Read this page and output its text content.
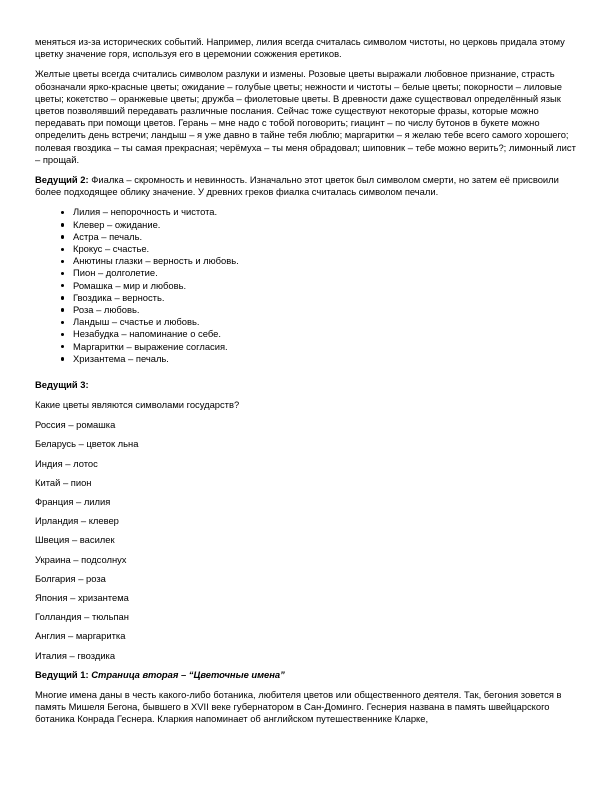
меняться из-за исторических событий. Например, лилия всегда считалась символом чистоты, но церковь придала этому цветку значение горя, используя его в церемонии сожжения еретиков.

Желтые цветы всегда считались символом разлуки и измены. Розовые цветы выражали любовное признание, страсть обозначали ярко-красные цветы; ожидание – голубые цветы; нежности и чистоты – белые цветы; покорности – лиловые цветы; кокетство – оранжевые цветы; дружба – фиолетовые цветы. В древности даже существовал определённый язык цветов позволявший передавать различные послания. Сейчас тоже существуют некоторые фразы, которые можно передавать при помощи цветов. Герань – мне надо с тобой поговорить; гиацинт – по числу бутонов в букете можно определить день встречи; ландыш – я уже давно в тайне тебя люблю; маргаритки – я желаю тебе всего самого хорошего; полевая гвоздика – ты самая прекрасная; черёмуха – ты меня обрадовал; шиповник – тебе можно верить?; лимонный лист – прощай.

Ведущий 2: Фиалка – скромность и невинность. Изначально этот цветок был символом смерти, но затем её присвоили более подходящее облику значение. У древних греков фиалка считалась символом печали.

Лилия – непорочность и чистота.
Клевер – ожидание.
Астра – печаль.
Крокус – счастье.
Анютины глазки – верность и любовь.
Пион – долголетие.
Ромашка – мир и любовь.
Гвоздика – верность.
Роза – любовь.
Ландыш – счастье и любовь.
Незабудка – напоминание о себе.
Маргаритки – выражение согласия.
Хризантема – печаль.

Ведущий 3:

Какие цветы являются символами государств?

Россия – ромашка
Беларусь – цветок льна
Индия – лотос
Китай – пион
Франция – лилия
Ирландия – клевер
Швеция – василек
Украина – подсолнух
Болгария – роза
Япония – хризантема
Голландия – тюльпан
Англия – маргаритка
Италия – гвоздика

Ведущий 1: Страница вторая – “Цветочные имена”

Многие имена даны в честь какого-либо ботаника, любителя цветов или общественного деятеля. Так, бегония зовется в память Мишеля Бегона, бывшего в XVII веке губернатором в Сан-Доминго. Геснерия названа в память швейцарского ботаника Конрада Геснера. Кларкия напоминает об английском путешественнике Кларке,
